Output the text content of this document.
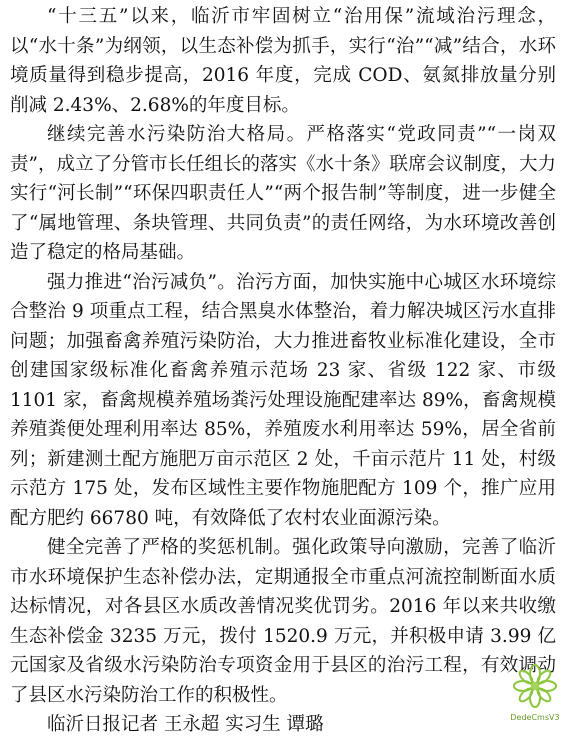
“十三五”以来，临沂市牢固树立“治用保”流域治污理念，以“水十条”为纲领，以生态补偿为抓手，实行“治”“减”结合，水环境质量得到稳步提高，2016 年度，完成 COD、氨氮排放量分别削减 2.43%、2.68%的年度目标。

继续完善水污染防治大格局。严格落实“党政同责”“一岗双责”，成立了分管市长任组长的落实《水十条》联席会议制度，大力实行“河长制”“环保四职责任人”“两个报告制”等制度，进一步健全了“属地管理、条块管理、共同负责”的责任网络，为水环境改善创造了稳定的格局基础。

强力推进“治污减负”。治污方面，加快实施中心城区水环境综合整治 9 项重点工程，结合黑臭水体整治，着力解决城区污水直排问题；加强畜禽养殖污染防治，大力推进畜牧业标准化建设，全市创建国家级标准化畜禽养殖示范场 23 家、省级 122 家、市级 1101 家，畜禽规模养殖场粪污处理设施配建率达 89%，畜禽规模养殖粪便处理利用率达 85%，养殖废水利用率达 59%，居全省前列；新建测土配方施肥万亩示范区 2 处，千亩示范片 11 处，村级示范方 175 处，发布区域性主要作物施肥配方 109 个，推广应用配方肥约 66780 吨，有效降低了农村农业面源污染。

健全完善了严格的奖惩机制。强化政策导向激励，完善了临沂市水环境保护生态补偿办法，定期通报全市重点河流控制断面水质达标情况，对各县区水质改善情况奖优罚劣。2016 年以来共收缴生态补偿金 3235 万元，拨付 1520.9 万元，并积极申请 3.99 亿元国家及省级水污染防治专项资金用于县区的治污工程，有效调动了县区水污染防治工作的积极性。

临沂日报记者 王永超 实习生 谭璐	DedeCmsV3
